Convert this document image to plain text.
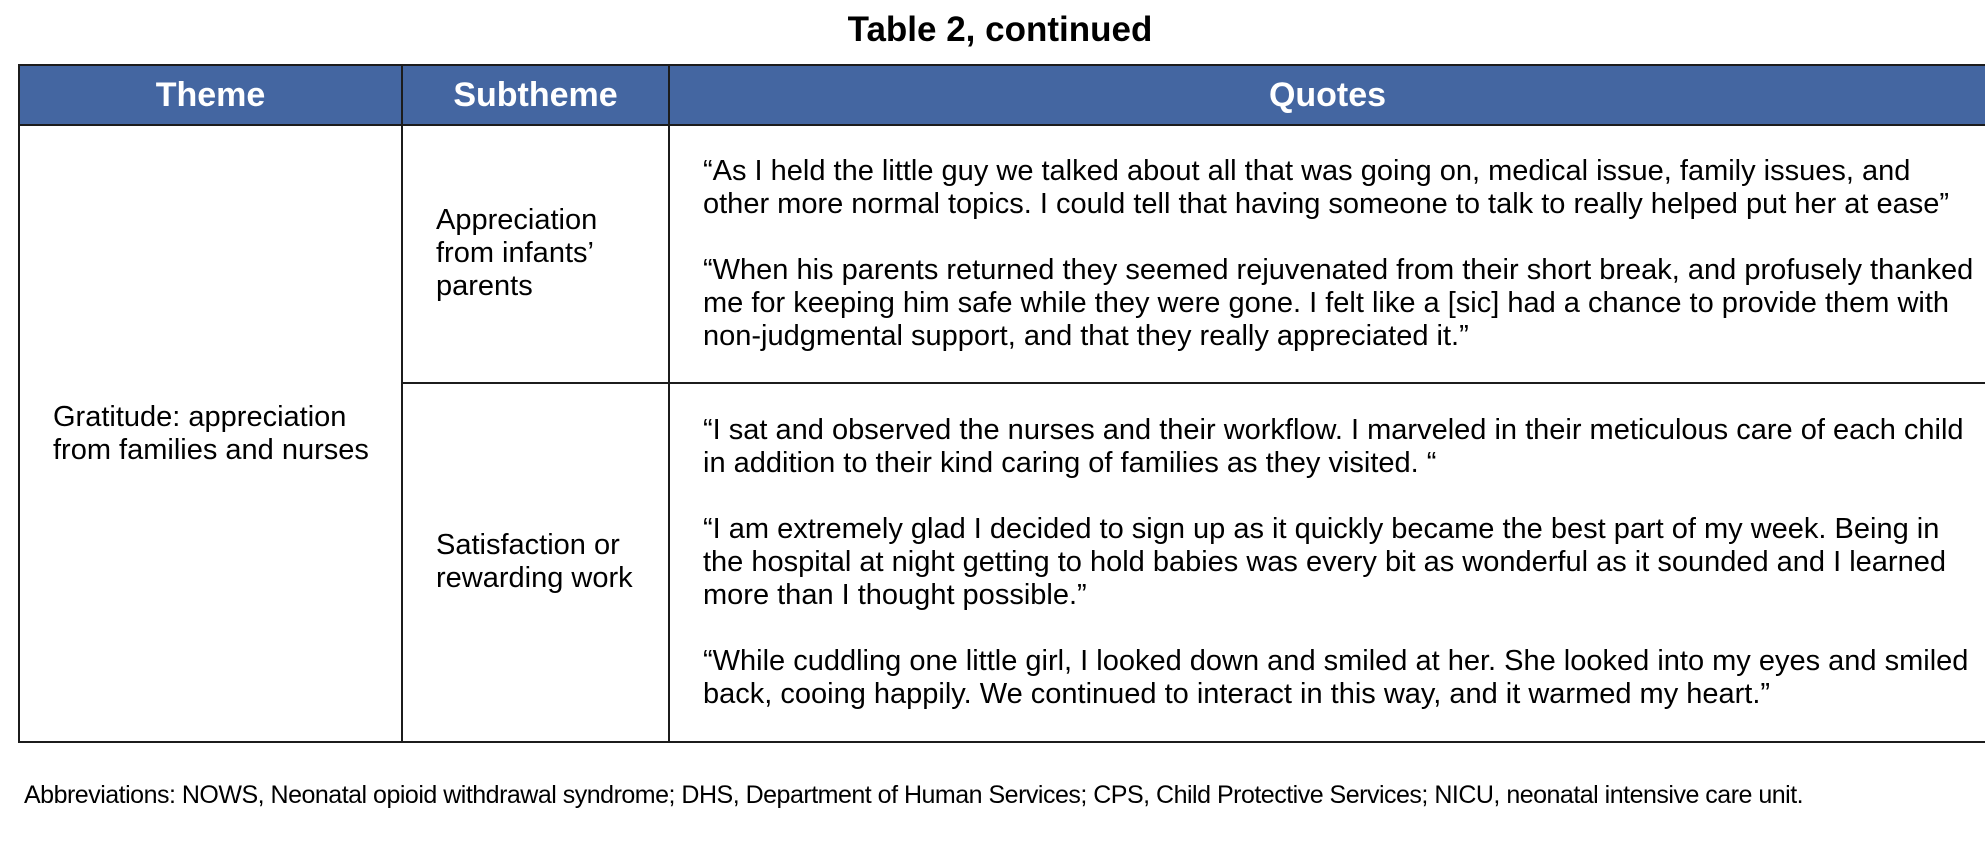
Table 2, continued
Theme	Subtheme	Quotes
Gratitude: appreciation from families and nurses	Appreciation from infants’ parents	“As I held the little guy we talked about all that was going on, medical issue, family issues, and other more normal topics. I could tell that having someone to talk to really helped put her at ease”

“When his parents returned they seemed rejuvenated from their short break, and profusely thanked me for keeping him safe while they were gone. I felt like a [sic] had a chance to provide them with non-judgmental support, and that they really appreciated it.”

	Satisfaction or rewarding work	“I sat and observed the nurses and their workflow. I marveled in their meticulous care of each child in addition to their kind caring of families as they visited. “

“I am extremely glad I decided to sign up as it quickly became the best part of my week. Being in the hospital at night getting to hold babies was every bit as wonderful as it sounded and I learned more than I thought possible.”

“While cuddling one little girl, I looked down and smiled at her. She looked into my eyes and smiled back, cooing happily. We continued to interact in this way, and it warmed my heart.”

Abbreviations: NOWS, Neonatal opioid withdrawal syndrome; DHS, Department of Human Services; CPS, Child Protective Services; NICU, neonatal intensive care unit.
